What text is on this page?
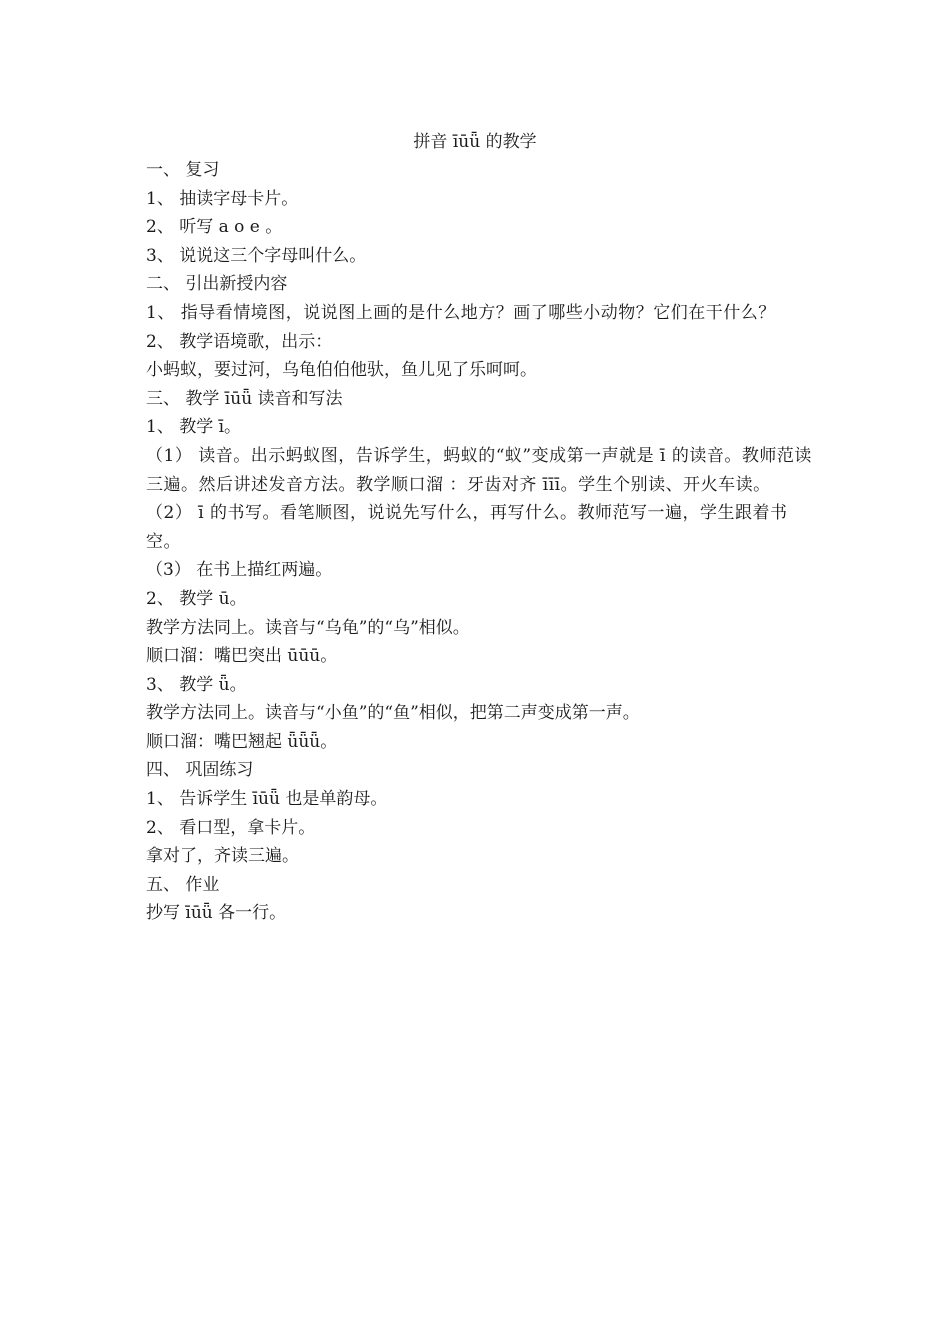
拼音 īūǖ 的教学
一、 复习
1、 抽读字母卡片。
2、 听写 a o e 。
3、 说说这三个字母叫什么。
二、 引出新授内容
1、 指导看情境图，说说图上画的是什么地方？画了哪些小动物？它们在干什么？
2、 教学语境歌，出示：
小蚂蚁，要过河，乌龟伯伯他驮，鱼儿见了乐呵呵。
三、 教学 īūǖ 读音和写法
1、 教学 ī。
（1） 读音。出示蚂蚁图，告诉学生，蚂蚁的“蚁”变成第一声就是 ī 的读音。教师范读三遍。然后讲述发音方法。教学顺口溜 ：牙齿对齐 īīī。学生个别读、开火车读。
（2） ī 的书写。看笔顺图，说说先写什么，再写什么。教师范写一遍，学生跟着书空。
（3） 在书上描红两遍。
2、 教学 ū。
教学方法同上。读音与“乌龟”的“乌”相似。
顺口溜：嘴巴突出 ūūū。
3、 教学 ǖ。
教学方法同上。读音与“小鱼”的“鱼”相似，把第二声变成第一声。
顺口溜：嘴巴翘起 ǖǖǖ。
四、 巩固练习
1、 告诉学生 īūǖ 也是单韵母。
2、 看口型，拿卡片。
拿对了，齐读三遍。
五、 作业
抄写 īūǖ 各一行。
